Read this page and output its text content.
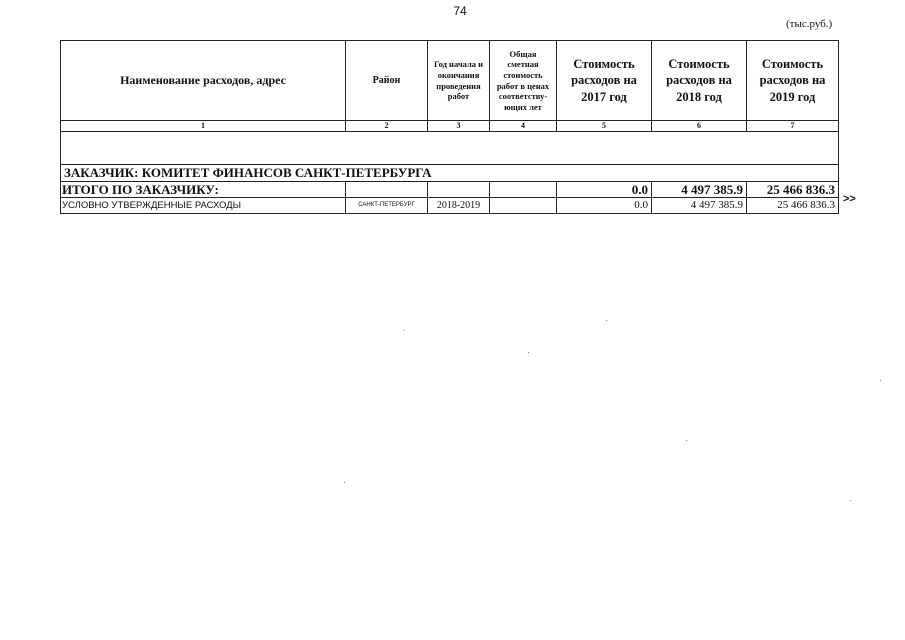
74
(тыс.руб.)
Наименование расходов, адрес	Район	Год начала и окончания проведения работ	Общая сметная стоимость работ в ценах соответству-ющих лет	Стоимость расходов на 2017 год	Стоимость расходов на 2018 год	Стоимость расходов на 2019 год
1	2	3	4	5	6	7

ЗАКАЗЧИК: КОМИТЕТ ФИНАНСОВ САНКТ-ПЕТЕРБУРГА						
ИТОГО ПО ЗАКАЗЧИКУ:				0.0	4 497 385.9	25 466 836.3
УСЛОВНО УТВЕРЖДЕННЫЕ РАСХОДЫ	САНКТ-ПЕТЕРБУРГ	2018-2019		0.0	4 497 385.9	25 466 836.3 >>
